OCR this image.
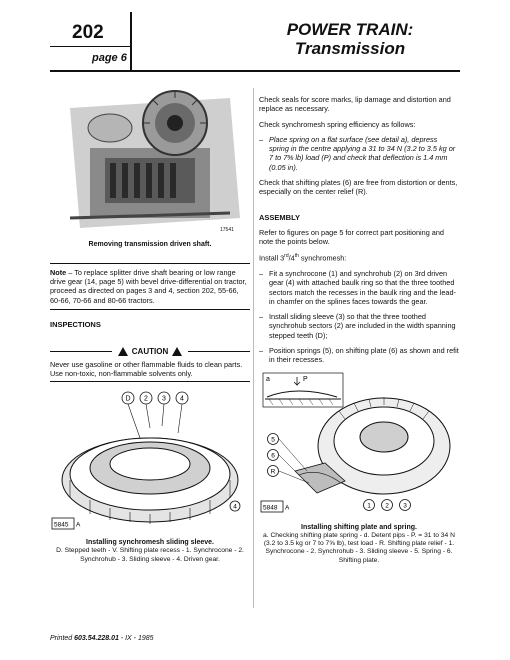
202
page 6
POWER TRAIN:
Transmission
17541
Removing transmission driven shaft.
Note – To replace splitter drive shaft bearing or low range drive gear (14, page 5) with bevel drive-differential on tractor, proceed as directed on pages 3 and 4, section 202, 55-66, 60-66, 70-66 and 80-66 tractors.
INSPECTIONS
CAUTION
Never use gasoline or other flammable fluids to clean parts. Use non-toxic, non-flammable solvents only.
D 2 3 4
4
5845 A
Installing synchromesh sliding sleeve.
D. Stepped teeth - V. Shifting plate recess - 1. Synchrocone - 2. Synchrohub - 3. Sliding sleeve - 4. Driven gear.

Check seals for score marks, lip damage and distortion and replace as necessary.

Check synchromesh spring efficiency as follows:

– Place spring on a flat surface (see detail a), depress spring in the centre applying a 31 to 34 N (3.2 to 3.5 kg or 7 to 7⅝ lb) load (P) and check that deflection is 1.4 mm (0.05 in).

Check that shifting plates (6) are free from distortion or dents, especially on the center relief (R).

ASSEMBLY

Refer to figures on page 5 for correct part positioning and note the points below.

Install 3rd/4th synchromesh:

– Fit a synchrocone (1) and synchrohub (2) on 3rd driven gear (4) with attached baulk ring so that the three toothed sectors match the recesses in the baulk ring and the lead-in chamfer on the splines faces towards the gear.
– Install sliding sleeve (3) so that the three toothed synchrohub sectors (2) are included in the width spanning stepped teeth (D);
– Position springs (5), on shifting plate (6) as shown and refit in their recesses.
a	P
5
6
R
1 2 3
5848 A
Installing shifting plate and spring.
a. Checking shifting plate spring - d. Detent pips - P. = 31 to 34 N (3.2 to 3.5 kg or 7 to 7⅝ lb), test load - R. Shifting plate relief - 1. Synchrocone - 2. Synchrohub - 3. Sliding sleeve - 5. Spring - 6. Shifting plate.
Printed 603.54.228.01 - IX - 1985
